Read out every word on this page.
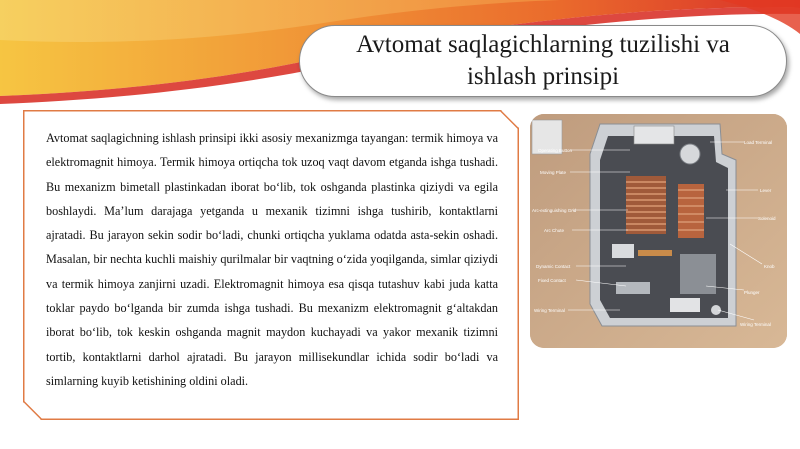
Avtomat saqlagichlarning tuzilishi va ishlash prinsipi
Avtomat saqlagichning ishlash prinsipi ikki asosiy mexanizmga tayangan: termik himoya va elektromagnit himoya. Termik himoya ortiqcha tok uzoq vaqt davom etganda ishga tushadi. Bu mexanizm bimetall plastinkadan iborat bo‘lib, tok oshganda plastinka qiziydi va egila boshlaydi. Ma’lum darajaga yetganda u mexanik tizimni ishga tushirib, kontaktlarni ajratadi. Bu jarayon sekin sodir bo‘ladi, chunki ortiqcha yuklama odatda asta-sekin oshadi. Masalan, bir nechta kuchli maishiy qurilmalar bir vaqtning o‘zida yoqilganda, simlar qiziydi va termik himoya zanjirni uzadi. Elektromagnit himoya esa qisqa tutashuv kabi juda katta toklar paydo bo‘lganda bir zumda ishga tushadi. Bu mexanizm elektromagnit g‘altakdan iborat bo‘lib, tok keskin oshganda magnit maydon kuchayadi va yakor mexanik tizimni tortib, kontaktlarni darhol ajratadi. Bu jarayon millisekundlar ichida sodir bo‘ladi va simlarning kuyib ketishining oldini oladi.
Operating Button
Moving Plate
Arc-extinguishing Grid
Arc Chute
Dynamic Contact
Fixed Contact
Wiring Terminal
Load Terminal
Lever
Solenoid
Knob
Plunger
Wiring Terminal
